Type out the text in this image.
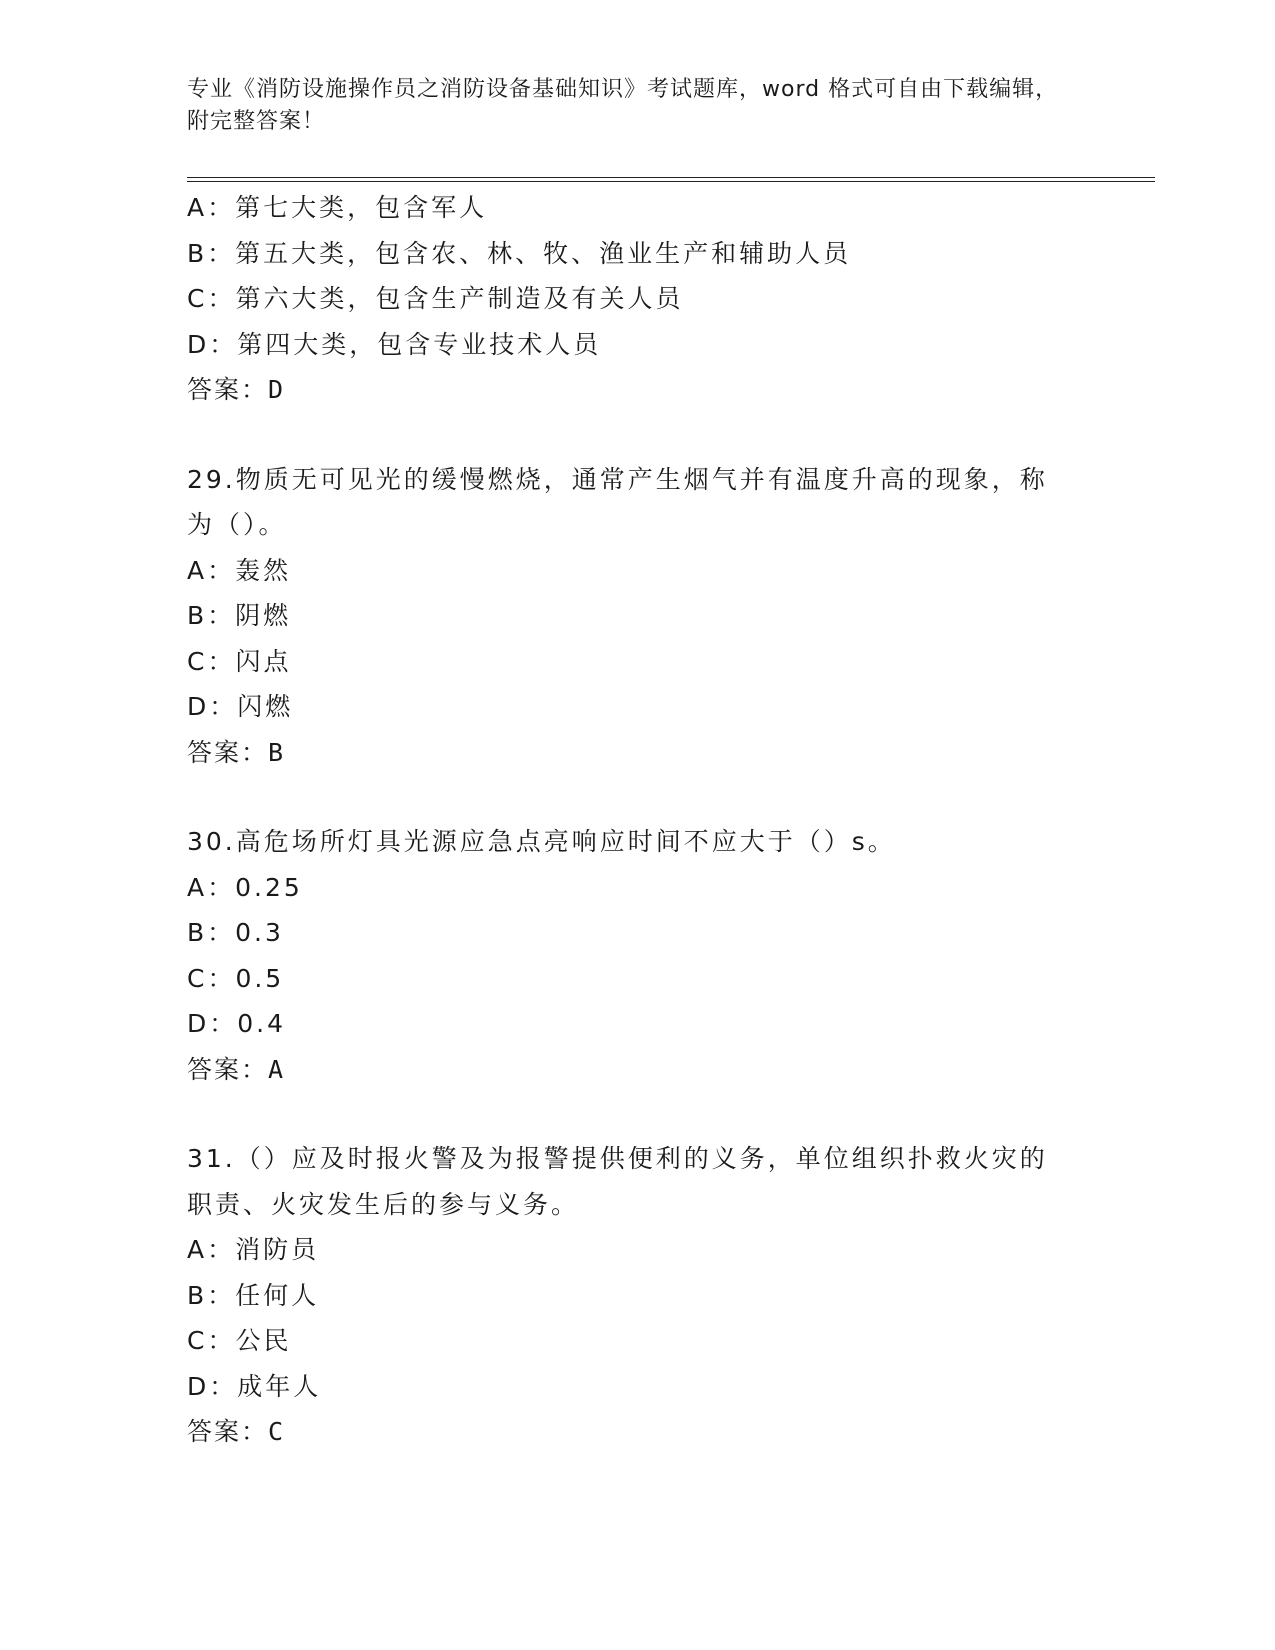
专业《消防设施操作员之消防设备基础知识》考试题库，word 格式可自由下载编辑，附完整答案！
A：第七大类，包含军人
B：第五大类，包含农、林、牧、渔业生产和辅助人员
C：第六大类，包含生产制造及有关人员
D：第四大类，包含专业技术人员
答案：D
29.物质无可见光的缓慢燃烧，通常产生烟气并有温度升高的现象，称为（）。
A：轰然
B：阴燃
C：闪点
D：闪燃
答案：B
30.高危场所灯具光源应急点亮响应时间不应大于（）s。
A：0.25
B：0.3
C：0.5
D：0.4
答案：A
31.（）应及时报火警及为报警提供便利的义务，单位组织扑救火灾的职责、火灾发生后的参与义务。
A：消防员
B：任何人
C：公民
D：成年人
答案：C
